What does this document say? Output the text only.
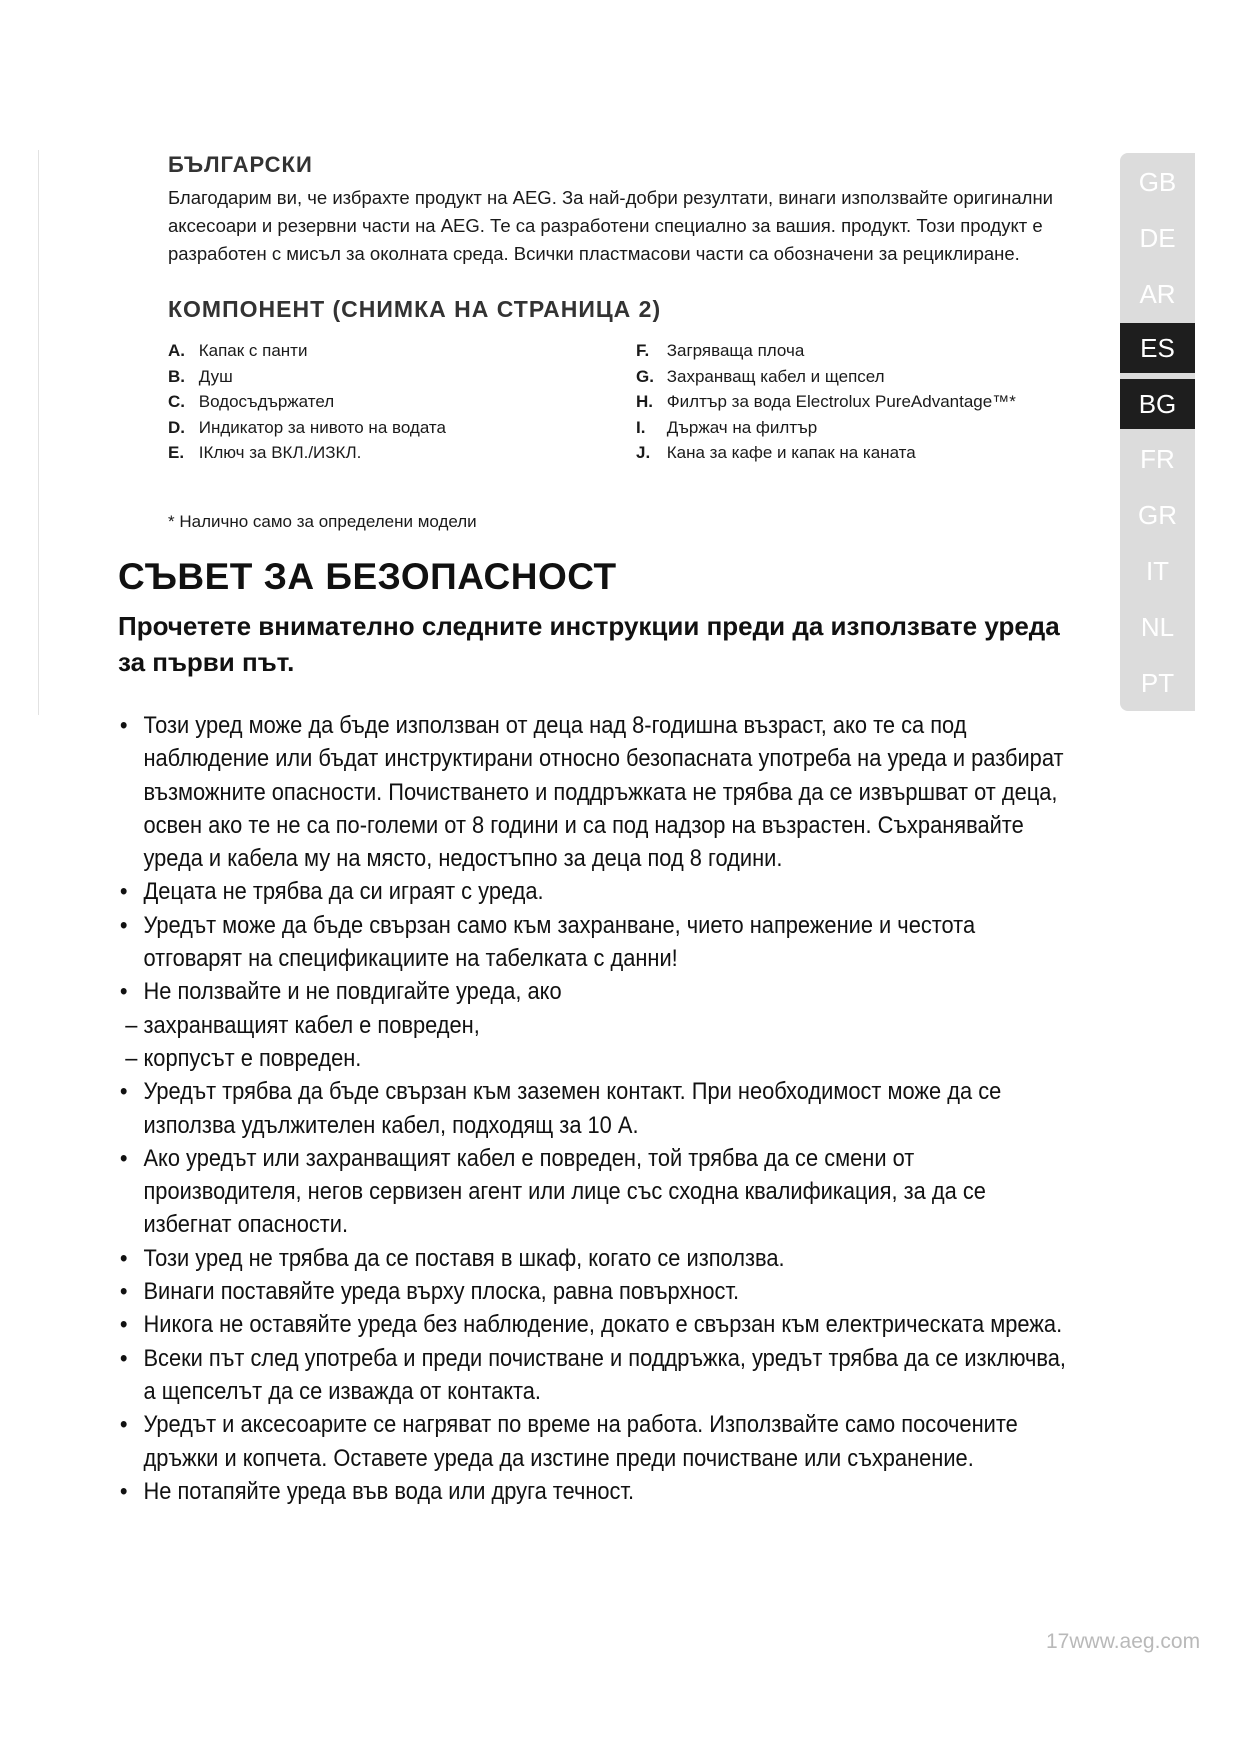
БЪЛГАРСКИ

Благодарим ви, че избрахте продукт на AEG. За най-добри резултати, винаги използвайте оригинални аксесоари и резервни части на AEG. Те са разработени специално за вашия. продукт. Този продукт е разработен с мисъл за околната среда. Всички пластмасови части са обозначени за рециклиране.

КОМПОНЕНТ (СНИМКА НА СТРАНИЦА 2)
A. Капак с панти
B. Душ
C. Водосъдържател
D. Индикатор за нивото на водата
E. IКлюч за ВКЛ./ИЗКЛ.
F. Загряваща плоча
G. Захранващ кабел и щепсел
H. Филтър за вода Electrolux PureAdvantage™*
I. Държач на филтър
J. Кана за кафе и капак на каната

* Налично само за определени модели

СЪВЕТ ЗА БЕЗОПАСНОСТ

Прочетете внимателно следните инструкции преди да използвате уреда за първи път.

• Този уред може да бъде използван от деца над 8-годишна възраст, ако те са под наблюдение или бъдат инструктирани относно безопасната употреба на уреда и разбират възможните опасности. Почистването и поддръжката не трябва да се извършват от деца, освен ако те не са по-големи от 8 години и са под надзор на възрастен. Съхранявайте уреда и кабела му на място, недостъпно за деца под 8 години.
• Децата не трябва да си играят с уреда.
• Уредът може да бъде свързан само към захранване, чието напрежение и честота отговарят на спецификациите на табелката с данни!
• Не ползвайте и не повдигайте уреда, ако
– захранващият кабел е повреден,
– корпусът е повреден.
• Уредът трябва да бъде свързан към заземен контакт. При необходимост може да се използва удължителен кабел, подходящ за 10 А.
• Ако уредът или захранващият кабел е повреден, той трябва да се смени от производителя, негов сервизен агент или лице със сходна квалификация, за да се избегнат опасности.
• Този уред не трябва да се поставя в шкаф, когато се използва.
• Винаги поставяйте уреда върху плоска, равна повърхност.
• Никога не оставяйте уреда без наблюдение, докато е свързан към електрическата мрежа.
• Всеки път след употреба и преди почистване и поддръжка, уредът трябва да се изключва, а щепселът да се изважда от контакта.
• Уредът и аксесоарите се нагряват по време на работа. Използвайте само посочените дръжки и копчета. Оставете уреда да изстине преди почистване или съхранение.
• Не потапяйте уреда във вода или друга течност.
GB
DE
AR
ES
BG
FR
GR
IT
NL
PT

17www.aeg.com
